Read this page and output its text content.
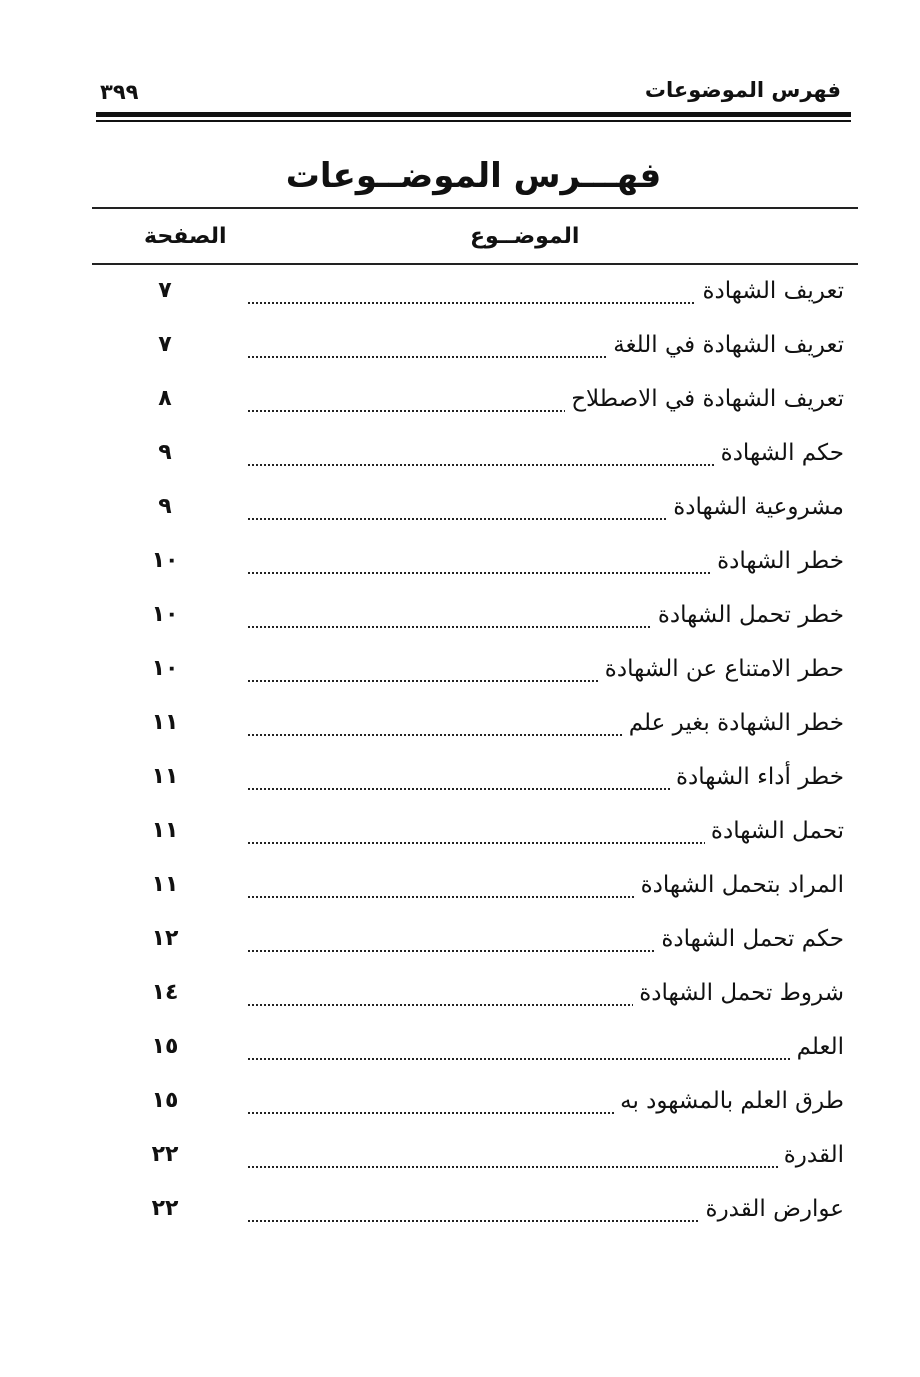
فهرس الموضوعات
٣٩٩
فهـــرس الموضــوعات
الموضــوع
الصفحة
تعريف الشهادة
٧
تعريف الشهادة في اللغة
٧
تعريف الشهادة في الاصطلاح
٨
حكم الشهادة
٩
مشروعية الشهادة
٩
خطر الشهادة
١٠
خطر تحمل الشهادة
١٠
حطر الامتناع عن الشهادة
١٠
خطر الشهادة بغير علم
١١
خطر أداء الشهادة
١١
تحمل الشهادة
١١
المراد بتحمل الشهادة
١١
حكم تحمل الشهادة
١٢
شروط تحمل الشهادة
١٤
العلم
١٥
طرق العلم بالمشهود به
١٥
القدرة
٢٢
عوارض القدرة
٢٢
